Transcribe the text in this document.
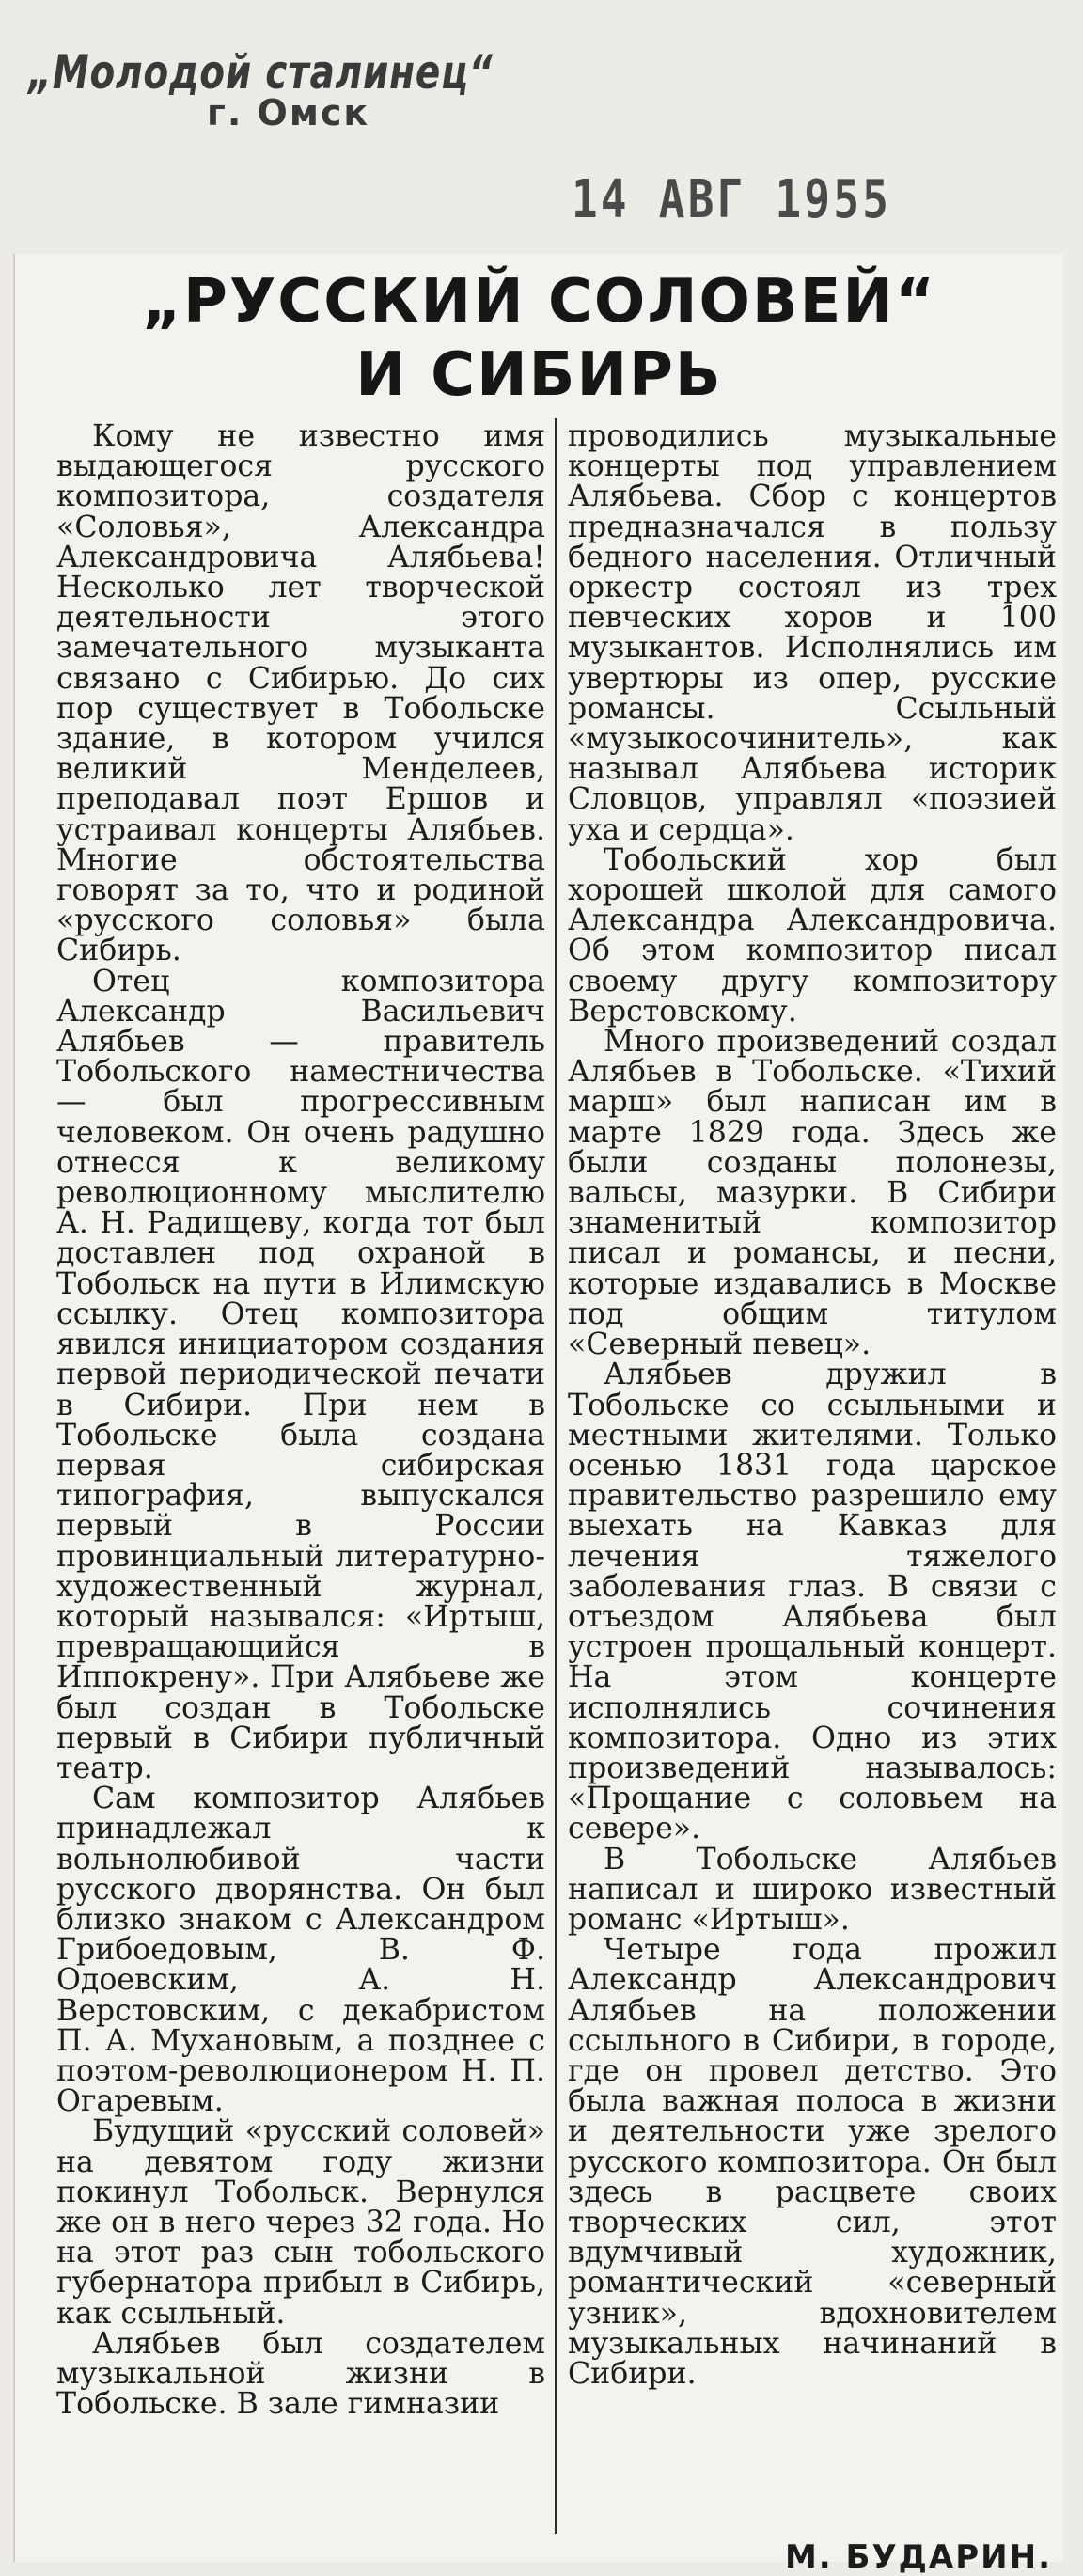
„Молодой сталинец“
г. Омск
14 АВГ 1955
„РУССКИЙ СОЛОВЕЙ“
И СИБИРЬ

Кому не известно имя выдающегося русского композитора, создателя «Соловья», Александра Александровича Алябьева! Несколько лет творческой деятельности этого замечательного музыканта связано с Сибирью. До сих пор существует в Тобольске здание, в котором учился великий Менделеев, преподавал поэт Ершов и устраивал концерты Алябьев. Многие обстоятельства говорят за то, что и родиной «русского соловья» была Сибирь.

Отец композитора Александр Васильевич Алябьев — правитель Тобольского наместничества — был прогрессивным человеком. Он очень радушно отнесся к великому революционному мыслителю А. Н. Радищеву, когда тот был доставлен под охраной в Тобольск на пути в Илимскую ссылку. Отец композитора явился инициатором создания первой периодической печати в Сибири. При нем в Тобольске была создана первая сибирская типография, выпускался первый в России провинциальный литературно-художественный журнал, который назывался: «Иртыш, превращающийся в Иппокрену». При Алябьеве же был создан в Тобольске первый в Сибири публичный театр.

Сам композитор Алябьев принадлежал к вольнолюбивой части русского дворянства. Он был близко знаком с Александром Грибоедовым, В. Ф. Одоевским, А. Н. Верстовским, с декабристом П. А. Мухановым, а позднее с поэтом-революционером Н. П. Огаревым.

Будущий «русский соловей» на девятом году жизни покинул Тобольск. Вернулся же он в него через 32 года. Но на этот раз сын тобольского губернатора прибыл в Сибирь, как ссыльный.

Алябьев был создателем музыкальной жизни в Тобольске. В зале гимназии

проводились музыкальные концерты под управлением Алябьева. Сбор с концертов предназначался в пользу бедного населения. Отличный оркестр состоял из трех певческих хоров и 100 музыкантов. Исполнялись им увертюры из опер, русские романсы. Ссыльный «музыкосочинитель», как называл Алябьева историк Словцов, управлял «поэзией уха и сердца».

Тобольский хор был хорошей школой для самого Александра Александровича. Об этом композитор писал своему другу композитору Верстовскому.

Много произведений создал Алябьев в Тобольске. «Тихий марш» был написан им в марте 1829 года. Здесь же были созданы полонезы, вальсы, мазурки. В Сибири знаменитый композитор писал и романсы, и песни, которые издавались в Москве под общим титулом «Северный певец».

Алябьев дружил в Тобольске со ссыльными и местными жителями. Только осенью 1831 года царское правительство разрешило ему выехать на Кавказ для лечения тяжелого заболевания глаз. В связи с отъездом Алябьева был устроен прощальный концерт. На этом концерте исполнялись сочинения композитора. Одно из этих произведений называлось: «Прощание с соловьем на севере».

В Тобольске Алябьев написал и широко известный романс «Иртыш».

Четыре года прожил Александр Александрович Алябьев на положении ссыльного в Сибири, в городе, где он провел детство. Это была важная полоса в жизни и деятельности уже зрелого русского композитора. Он был здесь в расцвете своих творческих сил, этот вдумчивый художник, романтический «северный узник», вдохновителем музыкальных начинаний в Сибири.

М. БУДАРИН.
